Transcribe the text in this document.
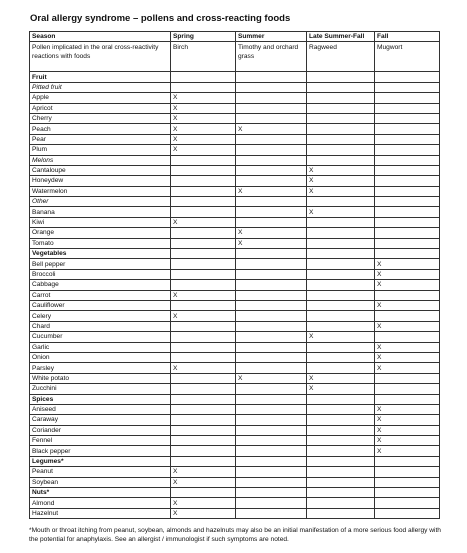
Oral allergy syndrome – pollens and cross-reacting foods
Season	Spring	Summer	Late Summer-Fall	Fall
Pollen implicated in the oral cross-reactivity reactions with foods	Birch	Timothy and orchard grass	Ragweed	Mugwort
Fruit				
Pitted fruit				
Apple	X			
Apricot	X			
Cherry	X			
Peach	X	X		
Pear	X			
Plum	X			
Melons				
Cantaloupe			X	
Honeydew			X	
Watermelon		X	X	
Other				
Banana			X	
Kiwi	X			
Orange		X		
Tomato		X		
Vegetables				
Bell pepper				X
Broccoli				X
Cabbage				X
Carrot	X			
Cauliflower				X
Celery	X			
Chard				X
Cucumber			X	
Garlic				X
Onion				X
Parsley	X			X
White potato		X	X	
Zucchini			X	
Spices				
Aniseed				X
Caraway				X
Coriander				X
Fennel				X
Black pepper				X
Legumes*				
Peanut	X			
Soybean	X			
Nuts*				
Almond	X			
Hazelnut	X			
*Mouth or throat itching from peanut, soybean, almonds and hazelnuts may also be an initial manifestation of a more serious food allergy with the potential for anaphylaxis. See an allergist / immunologist if such symptoms are noted.
